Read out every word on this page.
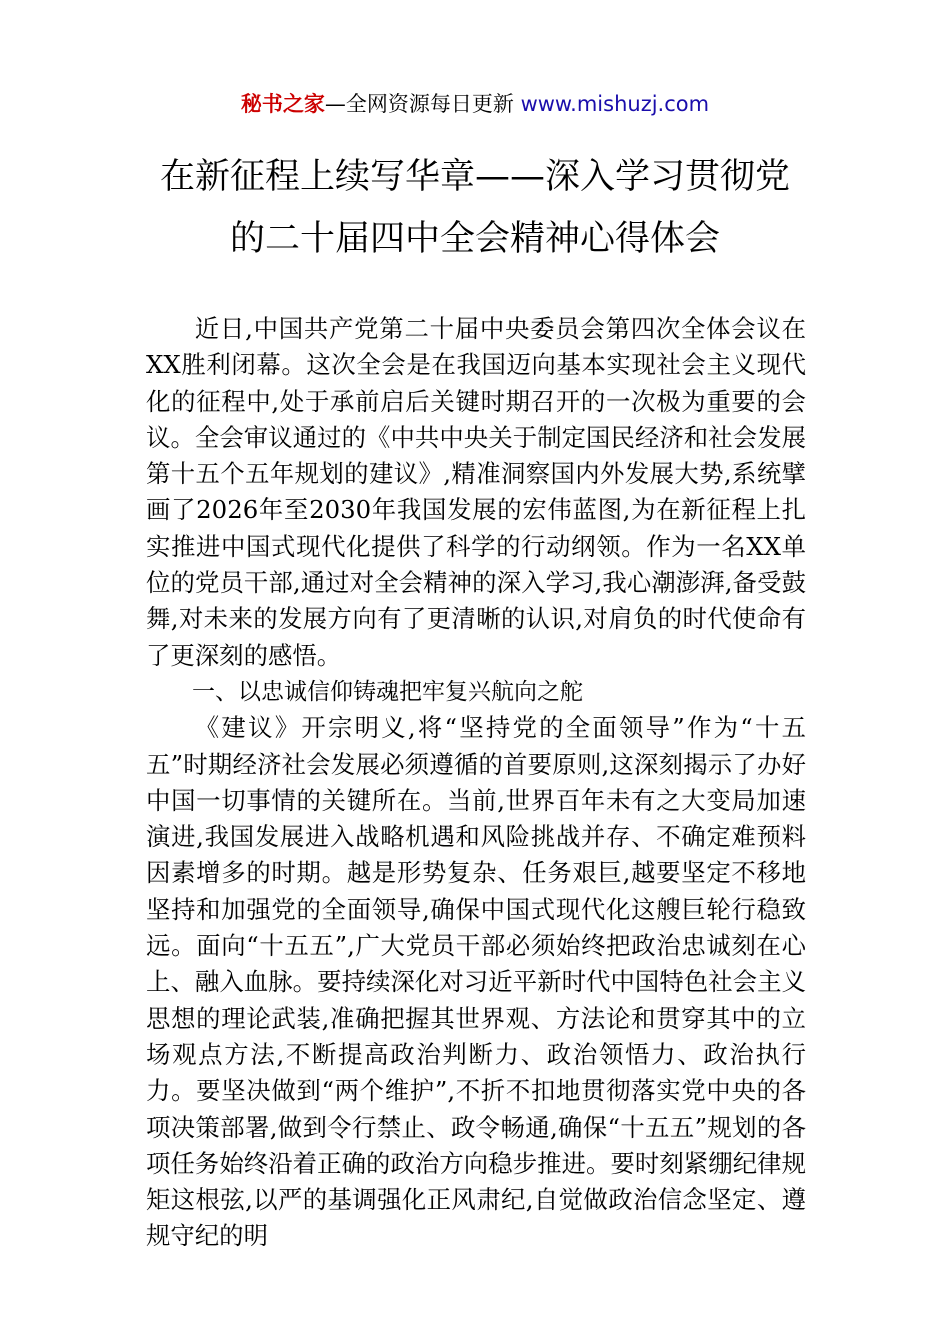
秘书之家—全网资源每日更新 www.mishuzj.com
在新征程上续写华章——深入学习贯彻党
的二十届四中全会精神心得体会

近日,中国共产党第二十届中央委员会第四次全体会议在XX胜利闭幕。这次全会是在我国迈向基本实现社会主义现代化的征程中,处于承前启后关键时期召开的一次极为重要的会议。全会审议通过的《中共中央关于制定国民经济和社会发展第十五个五年规划的建议》,精准洞察国内外发展大势,系统擘画了2026年至2030年我国发展的宏伟蓝图,为在新征程上扎实推进中国式现代化提供了科学的行动纲领。作为一名XX单位的党员干部,通过对全会精神的深入学习,我心潮澎湃,备受鼓舞,对未来的发展方向有了更清晰的认识,对肩负的时代使命有了更深刻的感悟。

一、以忠诚信仰铸魂把牢复兴航向之舵

《建议》开宗明义,将“坚持党的全面领导”作为“十五五”时期经济社会发展必须遵循的首要原则,这深刻揭示了办好中国一切事情的关键所在。当前,世界百年未有之大变局加速演进,我国发展进入战略机遇和风险挑战并存、不确定难预料因素增多的时期。越是形势复杂、任务艰巨,越要坚定不移地坚持和加强党的全面领导,确保中国式现代化这艘巨轮行稳致远。面向“十五五”,广大党员干部必须始终把政治忠诚刻在心上、融入血脉。要持续深化对习近平新时代中国特色社会主义思想的理论武装,准确把握其世界观、方法论和贯穿其中的立场观点方法,不断提高政治判断力、政治领悟力、政治执行力。要坚决做到“两个维护”,不折不扣地贯彻落实党中央的各项决策部署,做到令行禁止、政令畅通,确保“十五五”规划的各项任务始终沿着正确的政治方向稳步推进。要时刻紧绷纪律规矩这根弦,以严的基调强化正风肃纪,自觉做政治信念坚定、遵规守纪的明
